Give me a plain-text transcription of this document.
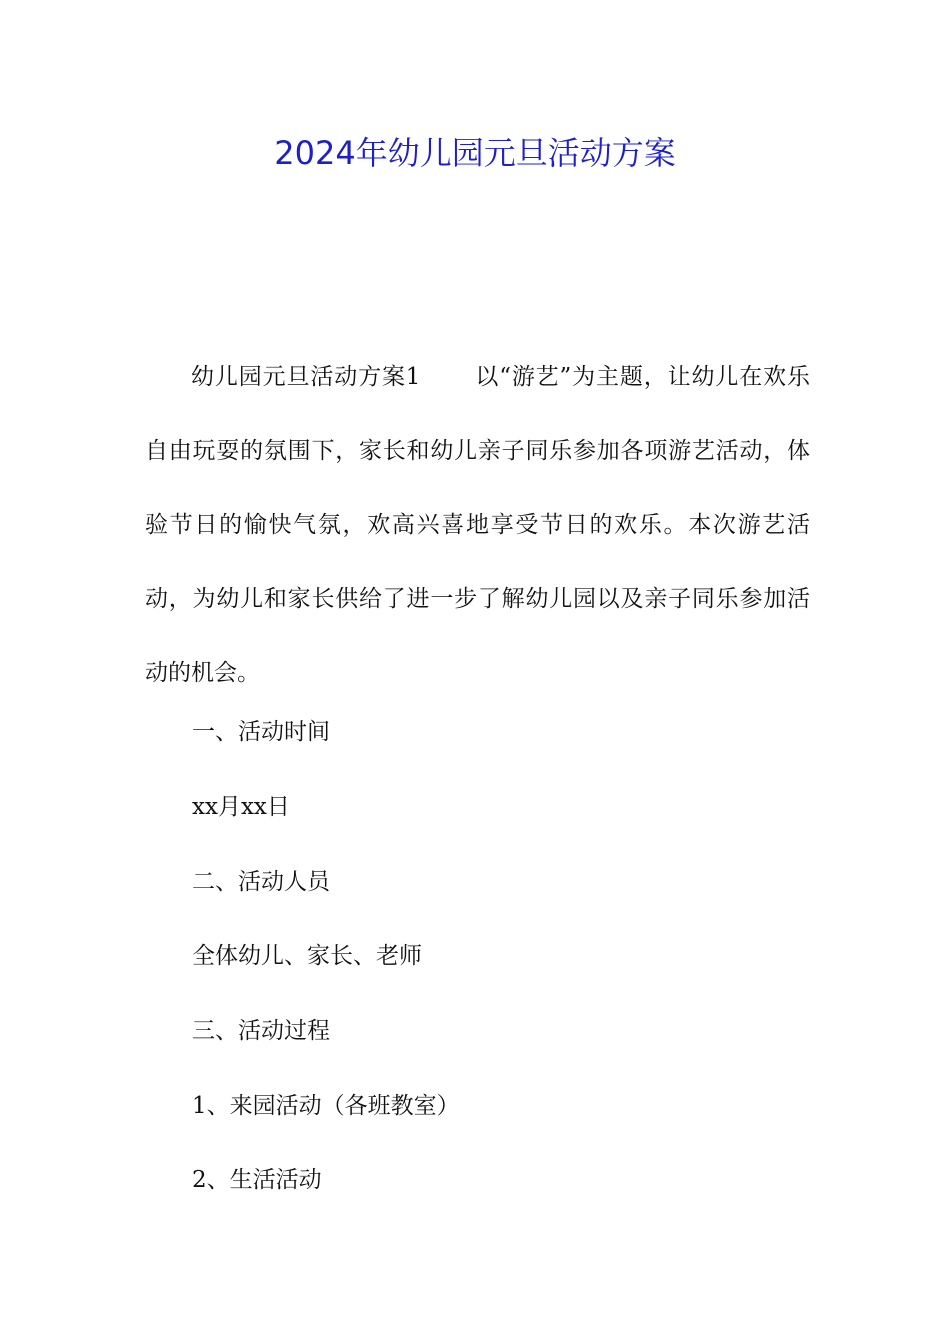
2024年幼儿园元旦活动方案

幼儿园元旦活动方案1 以“游艺”为主题，让幼儿在欢乐自由玩耍的氛围下，家长和幼儿亲子同乐参加各项游艺活动，体验节日的愉快气氛，欢高兴喜地享受节日的欢乐。本次游艺活动，为幼儿和家长供给了进一步了解幼儿园以及亲子同乐参加活动的机会。

一、活动时间

xx月xx日

二、活动人员

全体幼儿、家长、老师

三、活动过程

1、来园活动（各班教室）

2、生活活动
